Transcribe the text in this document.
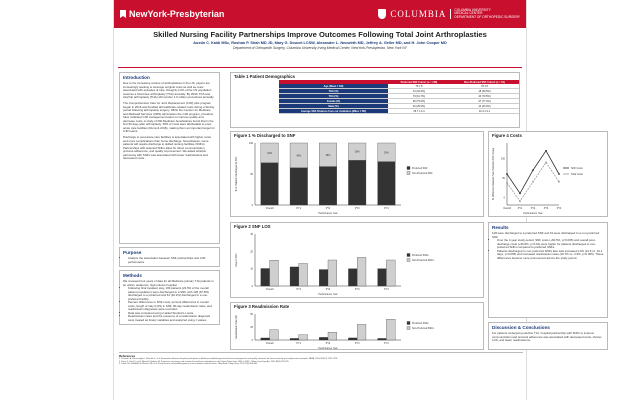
NewYork-Presbyterian	COLUMBIA	COLUMBIA UNIVERSITY
MEDICAL CENTER
DEPARTMENT OF ORTHOPEDIC SURGERY
Skilled Nursing Facility Partnerships Improve Outcomes Following Total Joint Arthroplasties
Austin C. Kaidi MSc, Roshan P. Shah MD JD, Mary G. Doucet LCSW, Alexander L. Neuwirth MD, Jeffrey A. Geller MD, and H. John Cooper MD
Department of Orthopedic Surgery, Columbia University Irving Medical Center, NewYork-Presbyterian, New York NY
Introduction

Due to the increasing volume of arthroplasties in the US, payers are increasingly seeking to leverage surgical costs as well as costs associated with episodes of care. Roughly 0.2% of the US population receives a total knee arthroplasty (TKA) annually. By 2030, TKA and total hip arthroplasty (THA) will number 1.6 million procedures annually.

The Comprehensive Care for Joint Replacement (CJR) pilot program began in 2016 and bundled all healthcare-related costs during a 90-day period following arthroplasty surgery. While the Centers for Medicare and Medicaid Services (CMS) administers the CJR program, providers have instituted CJR management teams to improve quality and decrease costs. A study of 290 Medicare beneficiaries found that in the first 90 days after arthroplasty, 36% of costs were attributable to post-acute care facilities (Dummit 2016), making them an important target for CJR teams.

Discharge to post-acute care facilities is associated with higher costs and more complications than home discharge. Nevertheless, some patients will require discharge to skilled nursing facilities (SNFs). Partnerships with selected SNFs allow for direct communication, protocol adherence, and quality improvement. We asked whether partnering with SNFs was associated with fewer readmissions and decreased costs.

Purpose
• Analyze the association between SNF partnerships and CJR performance
Methods

We reviewed four years of data for all Medicare primary TJA patients in an urban, academic, high-volume hospital.

• Following final inpatient stay, 199 patients (22.5% of the overall patient population) were discharged to a SNF, with 128 (67.8%) discharged to a preferred and 61 (32.2%) discharged to a non-preferred facility.
• Percent differences in SNF costs, percent differences in overall costs, length of stay (LOS) in SNF, 90-day readmission rates, and readmission diagnoses were recorded.
• Data was compared using 2-tailed Student's t-tests.
• Readmission rates and the presence of a readmission diagnosis were treated as binary variables and analyzed using z values.
Table 1 Patient Demographics
	Preferred SNF Cohort (n = 128)	Non-Preferred SNF Cohort (n = 61)
Age (Mean ± SD)	76 ± 8	78 ± 8
THA (%)	44 (34.4%)	18 (29.5%)
TKA (%)	79 (61.7%)	43 (70.5%)
Female (%)	96 (75.0%)	47 (77.0%)
Male (%)	32 (25.0%)	14 (23.0%)
Average SNF Distance from our institution (Miles ± SD)	25.7 ± 4.4	10.4 ± 4.1
Figure 1 % Discharged to SNF
Overall
68%
32%
PY1
60%
40%
PY2
62%
38%
PY3
72%
28%
PY4
70%
30%
0
50
100
Performance Year
% of Patients Discharged to SNF	Preferred SNF
Non-Preferred SNF
Figure 4 Costs
Overall	PY1	PY2	PY3	PY4
0
50
100
SNF Costs
Total Costs
Performance Year
% Difference Between Non-Preferred SNF Group
Figure 2 SNF LOS
Overall	PY1	PY2	PY3	PY4
0
10
20
30
Performance Year
Days in SNF	Preferred SNFs
Non-Preferred SNFs
Figure 3 Readmission Rate
Overall	PY1	PY2	PY3	PY4
0
25
50
Performance Year
Readmission Rate (%)	Preferred SNFs
Non-Preferred SNFs
Results

128 were discharged to a preferred SNF and 61 were discharged to a non-preferred SNF.

• Over the 4-year study period, SNF costs (+60.5%, p<0.005) and overall post-discharge costs (+36.8%, p<0.01) were higher for patients discharged to non-preferred SNFs compared to preferred SNFs.
• Patients discharged to non-preferred SNFs also saw increased LOS (14.9 vs. 10.1 days, p<0.005) and increased readmission rates (19.7% vs. 3.9%, p<0.005). These differences became more pronounced across the study period.
Discussion & Conclusions

For patients undergoing elective TJA, hospital partnership with SNFs to improve communication and protocol adherence was associated with decreased costs, shorter LOS, and fewer readmissions.

References

1. Dummit LA, Kahvecioglu D, Marrufo G, et al. Association between hospital participation in Medicare bundled payment initiatives and payments and quality outcomes for lower extremity joint replacement episodes. JAMA. 2016;316(12):1267-1278.

2. Kurtz S, Ong K, Lau E, Mowat F, Halpern M. Projections of primary and revision hip and knee arthroplasty in the United States from 2005 to 2030. J Bone Joint Surg Am. 2007;89(4):780-785.

3. Jubelt LE, Goldfeld KS, Blecker SB, et al. Early lessons on bundled payment at an academic medical center. J Am Acad Orthop Surg. 2017;25(9):654-663.
